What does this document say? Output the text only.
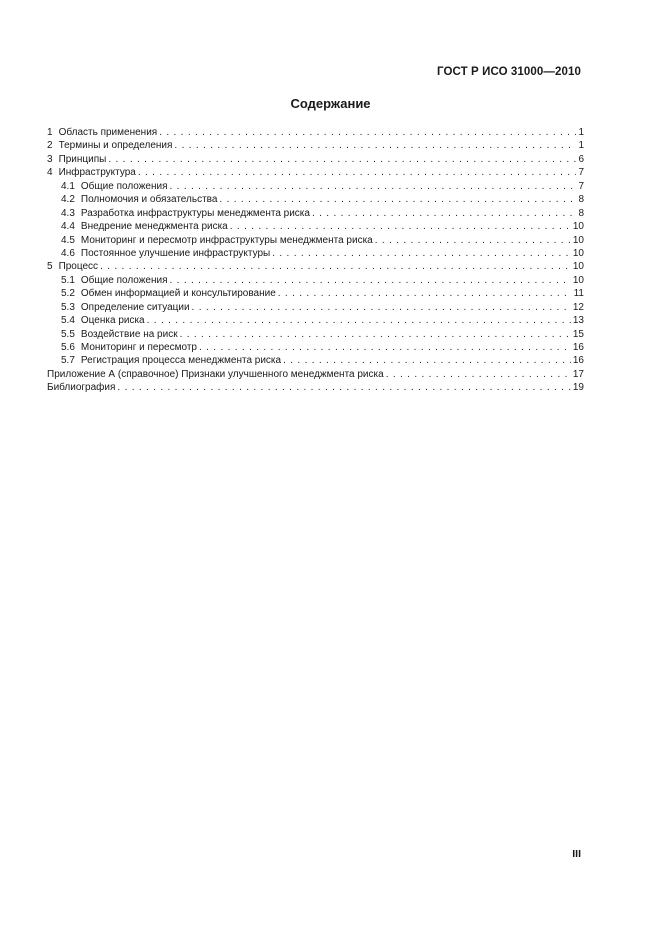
ГОСТ Р ИСО 31000—2010
Содержание
1 Область применения . . .	1
2 Термины и определения . . .	1
3 Принципы . . .	6
4 Инфраструктура . . .	7
4.1 Общие положения . . .	7
4.2 Полномочия и обязательства . . .	8
4.3 Разработка инфраструктуры менеджмента риска . . .	8
4.4 Внедрение менеджмента риска . . .	10
4.5 Мониторинг и пересмотр инфраструктуры менеджмента риска . . .	10
4.6 Постоянное улучшение инфраструктуры . . .	10
5 Процесс . . .	10
5.1 Общие положения . . .	10
5.2 Обмен информацией и консультирование . . .	11
5.3 Определение ситуации . . .	12
5.4 Оценка риска . . .	13
5.5 Воздействие на риск . . .	15
5.6 Мониторинг и пересмотр . . .	16
5.7 Регистрация процесса менеджмента риска . . .	16
Приложение А (справочное) Признаки улучшенного менеджмента риска . . .	17
Библиография . . .	19
III
